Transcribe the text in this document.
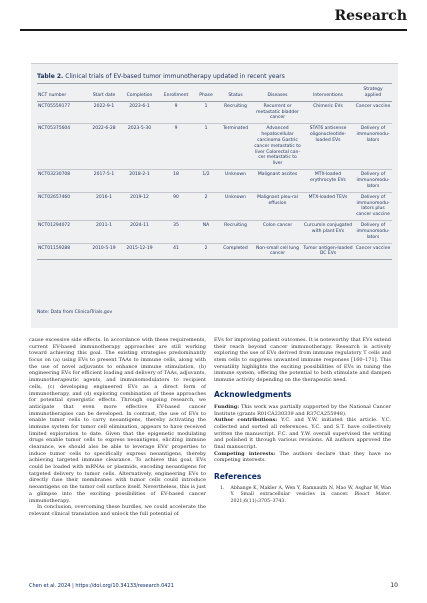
Research
Table 2. Clinical trials of EV-based tumor immunotherapy updated in recent years
NCT number	Start date	Completion	Enrollment	Phase	Status	Diseases	Interventions	Strategy applied
NCT05559177	2022-9-1	2023-6-1	9	1	Recruiting	Recurrent or metastatic bladder cancer	Chimeric EVs	Cancer vaccine
NCT05375604	2022-6-28	2023-5-30	9	1	Terminated	Advanced hepatocellular carcinoma Gastric cancer metastatic to liver Colorectal can-cer metastatic to liver	STAT6 antisense oligonucleotide-loaded EVs	Delivery of immunomodu-lators
NCT03230708	2017-5-1	2018-2-1	18	1/2	Unknown	Malignant ascites	MTX-loaded erythrocyte EVs	Delivery of immunomodu-lators
NCT02657460	2016-1	2019-12	90	2	Unknown	Malignant pleu-ral effusion	MTX-loaded TEVs	Delivery of immunomodu-lators plus cancer vaccine
NCT01294072	2011-1	2024-11	35	NA	Recruiting	Colon cancer	Curcumin conjugated with plant EVs	Delivery of immunomodu-lators
NCT01159288	2010-5-19	2015-12-19	41	2	Completed	Non-small cell lung cancer	Tumor antigen-loaded DC EVs	Cancer vaccine
Note: Data from ClinicalTrials.gov

cause excessive side effects. In accordance with these requirements, current EV-based immunotherapy approaches are still working toward achieving this goal. The existing strategies predominantly focus on (a) using EVs to present TAAs to immune cells, along with the use of novel adjuvants to enhance immune stimulation, (b) engineering EVs for efficient loading and delivery of TAAs, adjuvants, immunotherapeutic agents, and immunomodulators to recipient cells, (c) developing engineered EVs as a direct form of immunotherapy, and (d) exploring combination of these approaches for potential synergistic effects. Through ongoing research, we anticipate that even more effective EV-based cancer immunotherapies can be developed. In contrast, the use of EVs to enable tumor cells to carry neoantigens, thereby activating the immune system for tumor cell elimination, appears to have received limited exploration to date. Given that the epigenetic modulating drugs enable tumor cells to express neoantigens, eliciting immune clearance, we should also be able to leverage EVs' properties to induce tumor cells to specifically express neoantigens, thereby achieving targeted immune clearance. To achieve this goal, EVs could be loaded with mRNAs or plasmids, encoding neoantigens for targeted delivery to tumor cells. Alternatively, engineering EVs to directly fuse their membranes with tumor cells could introduce neoantigens on the tumor cell surface itself. Nevertheless, this is just a glimpse into the exciting possibilities of EV-based cancer immunotherapy.

In conclusion, overcoming these hurdles, we could accelerate the relevant clinical translation and unlock the full potential of

EVs for improving patient outcomes. It is noteworthy that EVs extend their reach beyond cancer immunotherapy. Research is actively exploring the use of EVs derived from immune regulatory T cells and stem cells to suppress unwanted immune responses [160–171]. This versatility highlights the exciting possibilities of EVs in tuning the immune system, offering the potential to both stimulate and dampen immune activity depending on the therapeutic need.

Acknowledgments

Funding: This work was partially supported by the National Cancer Institute (grants R01CA230339 and R37CA255948).

Author contributions: Y.C. and Y.W. initiated this article. Y.C. collected and sorted all references. Y.C. and S.T. have collectively written the manuscript. F.C. and Y.W. overall supervised the writing and polished it through various revisions. All authors approved the final manuscript.

Competing interests: The authors declare that they have no competing interests.

References
1. Abhange K, Makler A, Wen Y, Ramnauth N, Mao W, Asghar W, Wan Y. Small extracellular vesicles in cancer. Bioact Mater. 2021;6(11):3705–3743.
Chen et al. 2024 | https://doi.org/10.34133/research.0421	10
